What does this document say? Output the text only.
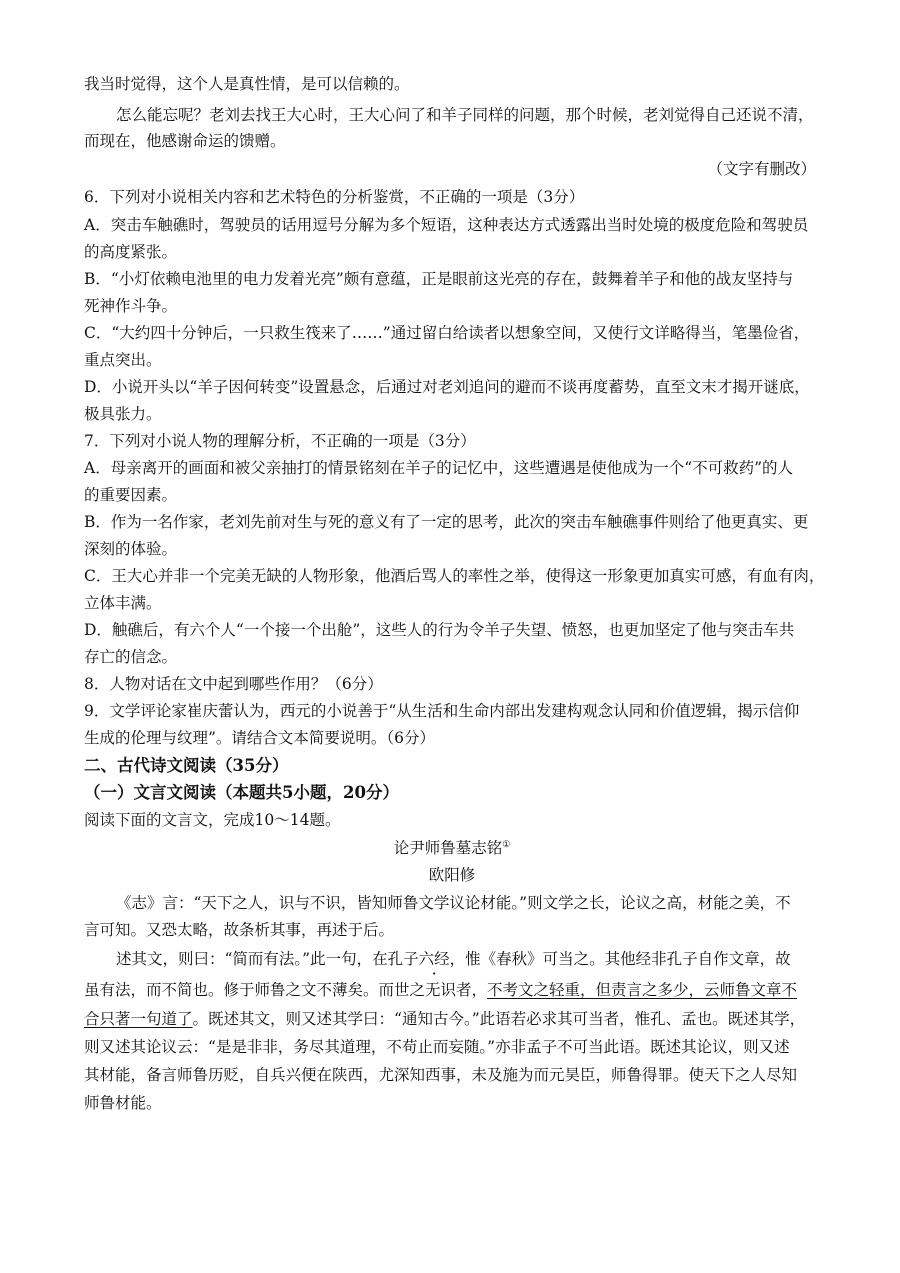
我当时觉得，这个人是真性情，是可以信赖的。

怎么能忘呢？老刘去找王大心时，王大心问了和羊子同样的问题，那个时候，老刘觉得自己还说不清，

而现在，他感谢命运的馈赠。

（文字有删改）

6．下列对小说相关内容和艺术特色的分析鉴赏，不正确的一项是（3分）

A．突击车触礁时，驾驶员的话用逗号分解为多个短语，这种表达方式透露出当时处境的极度危险和驾驶员

的高度紧张。

B．“小灯依赖电池里的电力发着光亮”颇有意蕴，正是眼前这光亮的存在，鼓舞着羊子和他的战友坚持与

死神作斗争。

C．“大约四十分钟后，一只救生筏来了……”通过留白给读者以想象空间，又使行文详略得当，笔墨俭省，

重点突出。

D．小说开头以“羊子因何转变”设置悬念，后通过对老刘追问的避而不谈再度蓄势，直至文末才揭开谜底，

极具张力。

7．下列对小说人物的理解分析，不正确的一项是（3分）

A．母亲离开的画面和被父亲抽打的情景铭刻在羊子的记忆中，这些遭遇是使他成为一个“不可救药”的人

的重要因素。

B．作为一名作家，老刘先前对生与死的意义有了一定的思考，此次的突击车触礁事件则给了他更真实、更

深刻的体验。

C．王大心并非一个完美无缺的人物形象，他酒后骂人的率性之举，使得这一形象更加真实可感，有血有肉，

立体丰满。

D．触礁后，有六个人“一个接一个出舱”，这些人的行为令羊子失望、愤怒，也更加坚定了他与突击车共

存亡的信念。

8．人物对话在文中起到哪些作用？（6分）

9．文学评论家崔庆蕾认为，西元的小说善于“从生活和生命内部出发建构观念认同和价值逻辑，揭示信仰

生成的伦理与纹理”。请结合文本简要说明。（6分）

二、古代诗文阅读（35分）

（一）文言文阅读（本题共5小题，20分）

阅读下面的文言文，完成10～14题。

论尹师鲁墓志铭①

欧阳修

《志》言：“天下之人，识与不识，皆知师鲁文学议论材能。”则文学之长，论议之高，材能之美，不

言可知。又恐太略，故条析其事，再述于后。

述其文，则曰：“简而有法。”此一句，在孔子六经，惟《春秋》可当之。其他经非孔子自作文章，故

虽有法，而不简也。修于师鲁之文不薄矣。而世之无识者，不考文之轻重，但责言之多少，云师鲁文章不

合只著一句道了。既述其文，则又述其学曰：“通知古今。”此语若必求其可当者，惟孔、孟也。既述其学，

则又述其论议云：“是是非非，务尽其道理，不苟止而妄随。”亦非孟子不可当此语。既述其论议，则又述

其材能，备言师鲁历贬，自兵兴便在陕西，尤深知西事，未及施为而元昊臣，师鲁得罪。使天下之人尽知

师鲁材能。
